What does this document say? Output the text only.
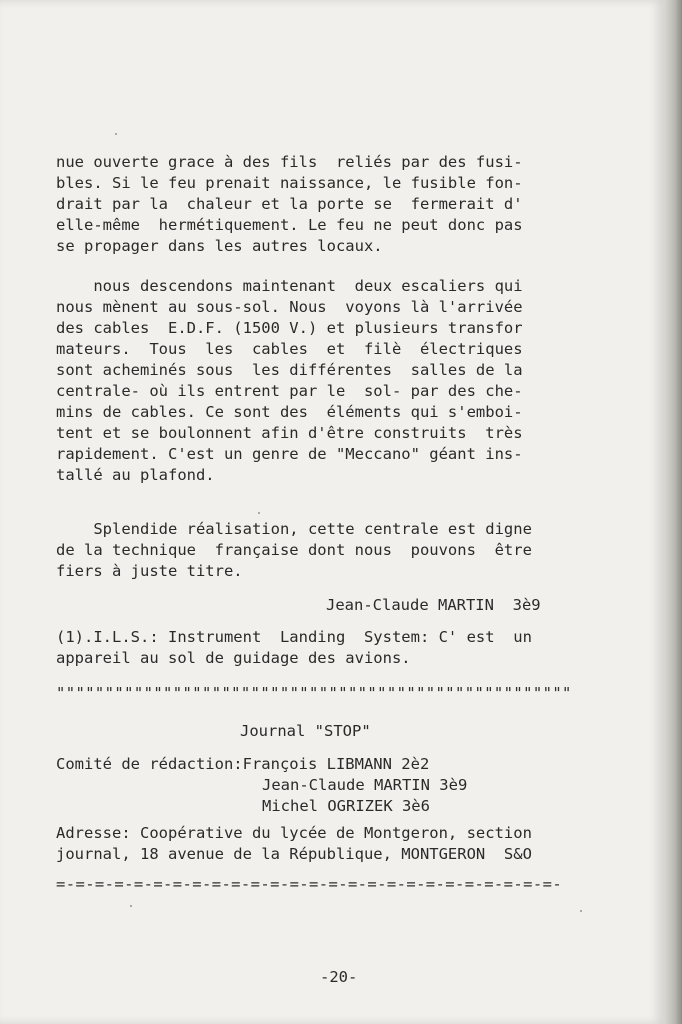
nue ouverte grace à des fils  reliés par des fusi-

bles. Si le feu prenait naissance, le fusible fon-

drait par la  chaleur et la porte se  fermerait d'

elle-même  hermétiquement. Le feu ne peut donc pas

se propager dans les autres locaux.

nous descendons maintenant  deux escaliers qui

nous mènent au sous-sol. Nous  voyons là l'arrivée

des cables  E.D.F. (1500 V.) et plusieurs transfor

mateurs.  Tous  les  cables  et  filè  électriques

sont acheminés sous  les différentes  salles de la

centrale- où ils entrent par le  sol- par des che-

mins de cables. Ce sont des  éléments qui s'emboi-

tent et se boulonnent afin d'être construits  très

rapidement. C'est un genre de "Meccano" géant ins-

tallé au plafond.

Splendide réalisation, cette centrale est digne

de la technique  française dont nous  pouvons  être

fiers à juste titre.

Jean-Claude MARTIN  3è9

(1).I.L.S.: Instrument  Landing  System: C' est  un

appareil au sol de guidage des avions.

"""""""""""""""""""""""""""""""""""""""""""""""""""""
Journal "STOP"
Comité de rédaction:François LIBMANN 2è2
Jean-Claude MARTIN 3è9
Michel OGRIZEK 3è6

Adresse: Coopérative du lycée de Montgeron, section

journal, 18 avenue de la République, MONTGERON  S&O

=-=-=-=-=-=-=-=-=-=-=-=-=-=-=-=-=-=-=-=-=-=-=-=-=-=-
-20-
